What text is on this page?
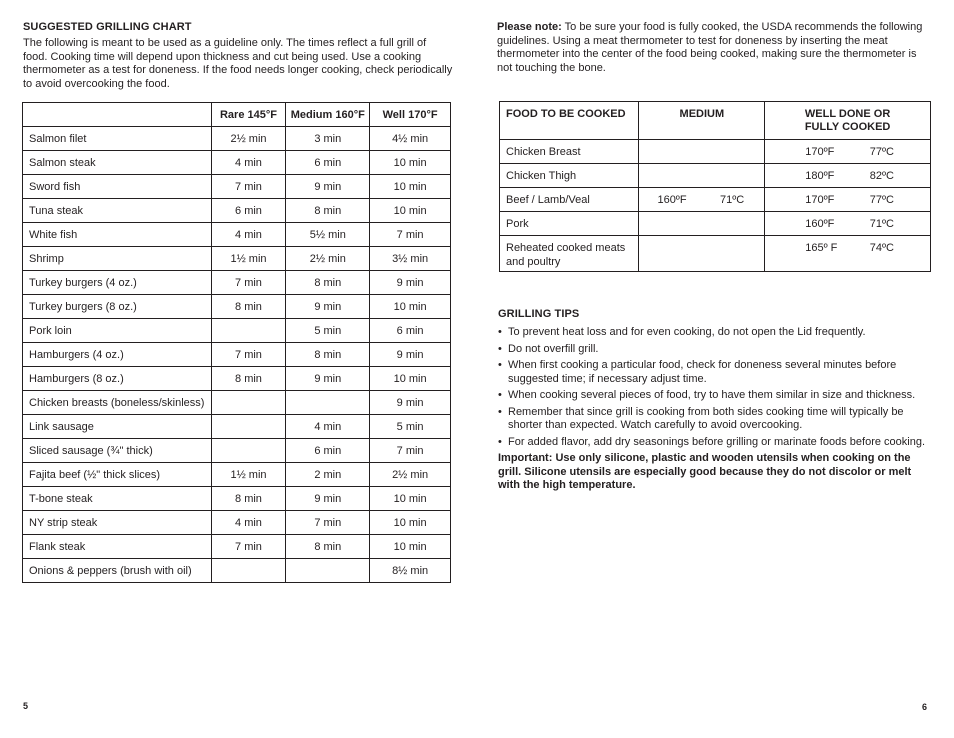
SUGGESTED GRILLING CHART
The following is meant to be used as a guideline only. The times reflect a full grill of food. Cooking time will depend upon thickness and cut being used. Use a cooking thermometer as a test for doneness. If the food needs longer cooking, check periodically to avoid overcooking the food.
	Rare 145°F	Medium 160°F	Well 170°F
Salmon filet	2½ min	3 min	4½ min
Salmon steak	4 min	6 min	10 min
Sword fish	7 min	9 min	10 min
Tuna steak	6 min	8 min	10 min
White fish	4 min	5½ min	7 min
Shrimp	1½ min	2½ min	3½ min
Turkey burgers (4 oz.)	7 min	8 min	9 min
Turkey burgers (8 oz.)	8 min	9 min	10 min
Pork loin		5 min	6 min
Hamburgers (4 oz.)	7 min	8 min	9 min
Hamburgers (8 oz.)	8 min	9 min	10 min
Chicken breasts (boneless/skinless)			9 min
Link sausage		4 min	5 min
Sliced sausage (¾" thick)		6 min	7 min
Fajita beef (½" thick slices)	1½ min	2 min	2½ min
T-bone steak	8 min	9 min	10 min
NY strip steak	4 min	7 min	10 min
Flank steak	7 min	8 min	10 min
Onions & peppers (brush with oil)			8½ min
Please note: To be sure your food is fully cooked, the USDA recommends the following guidelines. Using a meat thermometer to test for doneness by inserting the meat thermometer into the center of the food being cooked, making sure the thermometer is not touching the bone.
FOOD TO BE COOKED	MEDIUM	WELL DONE OR FULLY COOKED

Chicken Breast		170ºF 77ºC

Chicken Thigh		180ºF 82ºC

Beef / Lamb/Veal	160ºF 71ºC	170ºF 77ºC

Pork		160ºF 71ºC

Reheated cooked meats and poultry		165º F 74ºC
GRILLING TIPS
• To prevent heat loss and for even cooking, do not open the Lid frequently.
• Do not overfill grill.
• When first cooking a particular food, check for doneness several minutes before suggested time; if necessary adjust time.
• When cooking several pieces of food, try to have them similar in size and thickness.
• Remember that since grill is cooking from both sides cooking time will typically be shorter than expected. Watch carefully to avoid overcooking.
• For added flavor, add dry seasonings before grilling or marinate foods before cooking.
Important: Use only silicone, plastic and wooden utensils when cooking on the grill. Silicone utensils are especially good because they do not discolor or melt with the high temperature.
5	6
